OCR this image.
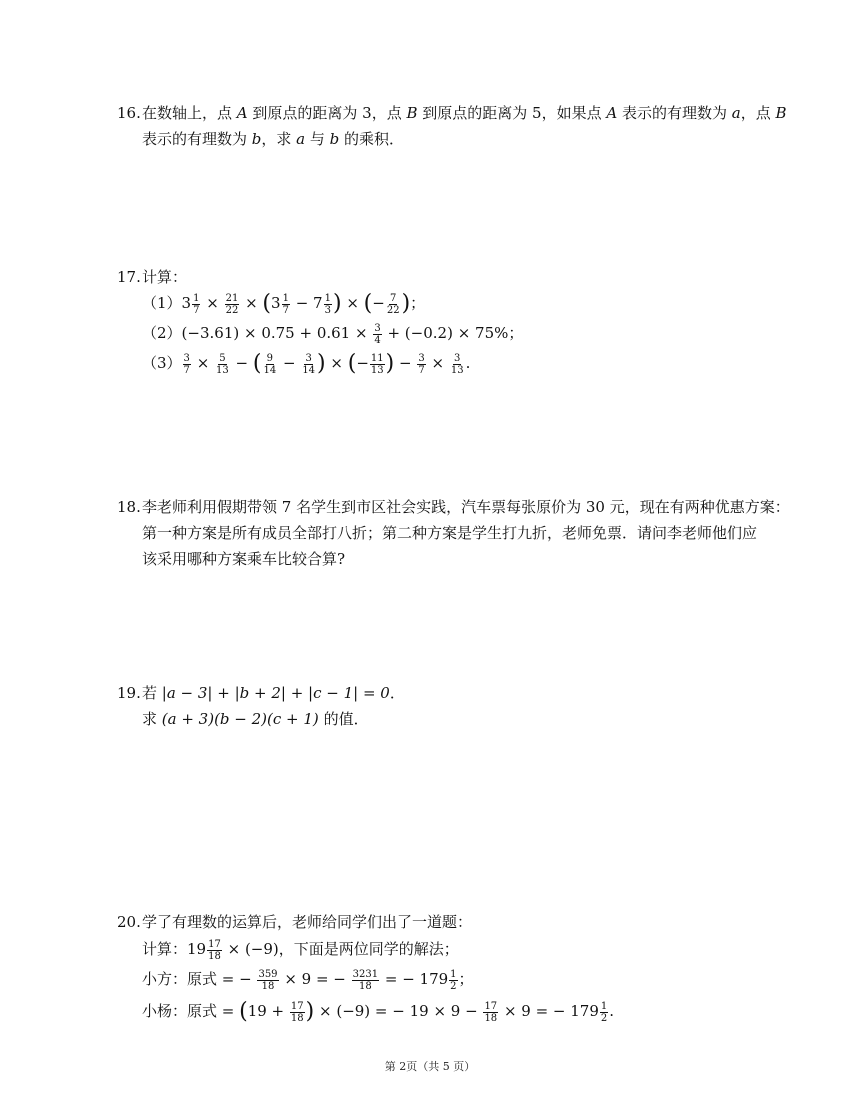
16. 在数轴上，点 A 到原点的距离为 3，点 B 到原点的距离为 5，如果点 A 表示的有理数为 a，点 B
表示的有理数为 b，求 a 与 b 的乘积．
17. 计算：
$(1)3 \frac{1}{7} \times \frac{21}{22} \times (3 \frac{1}{7} - 7 \frac{1}{3}$ ) × (− $\frac{7}{22}$ )；
$(2)(-3.61) \times 0.75 + 0.61 \times \frac{3}{4} + (-0.2) \times 75\%$；
$(3) \frac{3}{7} \times \frac{5}{13}$ − ( $\frac{9}{14} - \frac{3}{14}$ ) × (− $\frac{11}{13}$ ) − $\frac{3}{7} \times \frac{3}{13}$ .
18. 李老师利用假期带领 7 名学生到市区社会实践，汽车票每张原价为 30 元，现在有两种优惠方案：
第一种方案是所有成员全部打八折；第二种方案是学生打九折，老师免票．请问李老师他们应
该采用哪种方案乘车比较合算?
19. 若 |a − 3| + |b + 2| + |c − 1| = 0．
求 (a + 3)(b − 2)(c + 1) 的值．
20. 学了有理数的运算后，老师给同学们出了一道题：
计算：$19 \frac{17}{18} \times (-9)$，下面是两位同学的解法；
小方：原式 = − $\frac{359}{18} \times 9$ = − $\frac{3231}{18}$ = − $179 \frac{1}{2}$ ；
小杨：原式 = ($19 + \frac{17}{18}$ ) × (−9) = − $19 \times 9 - \frac{17}{18} \times 9$ = − $179 \frac{1}{2}$ .
第 2页（共 5 页）
